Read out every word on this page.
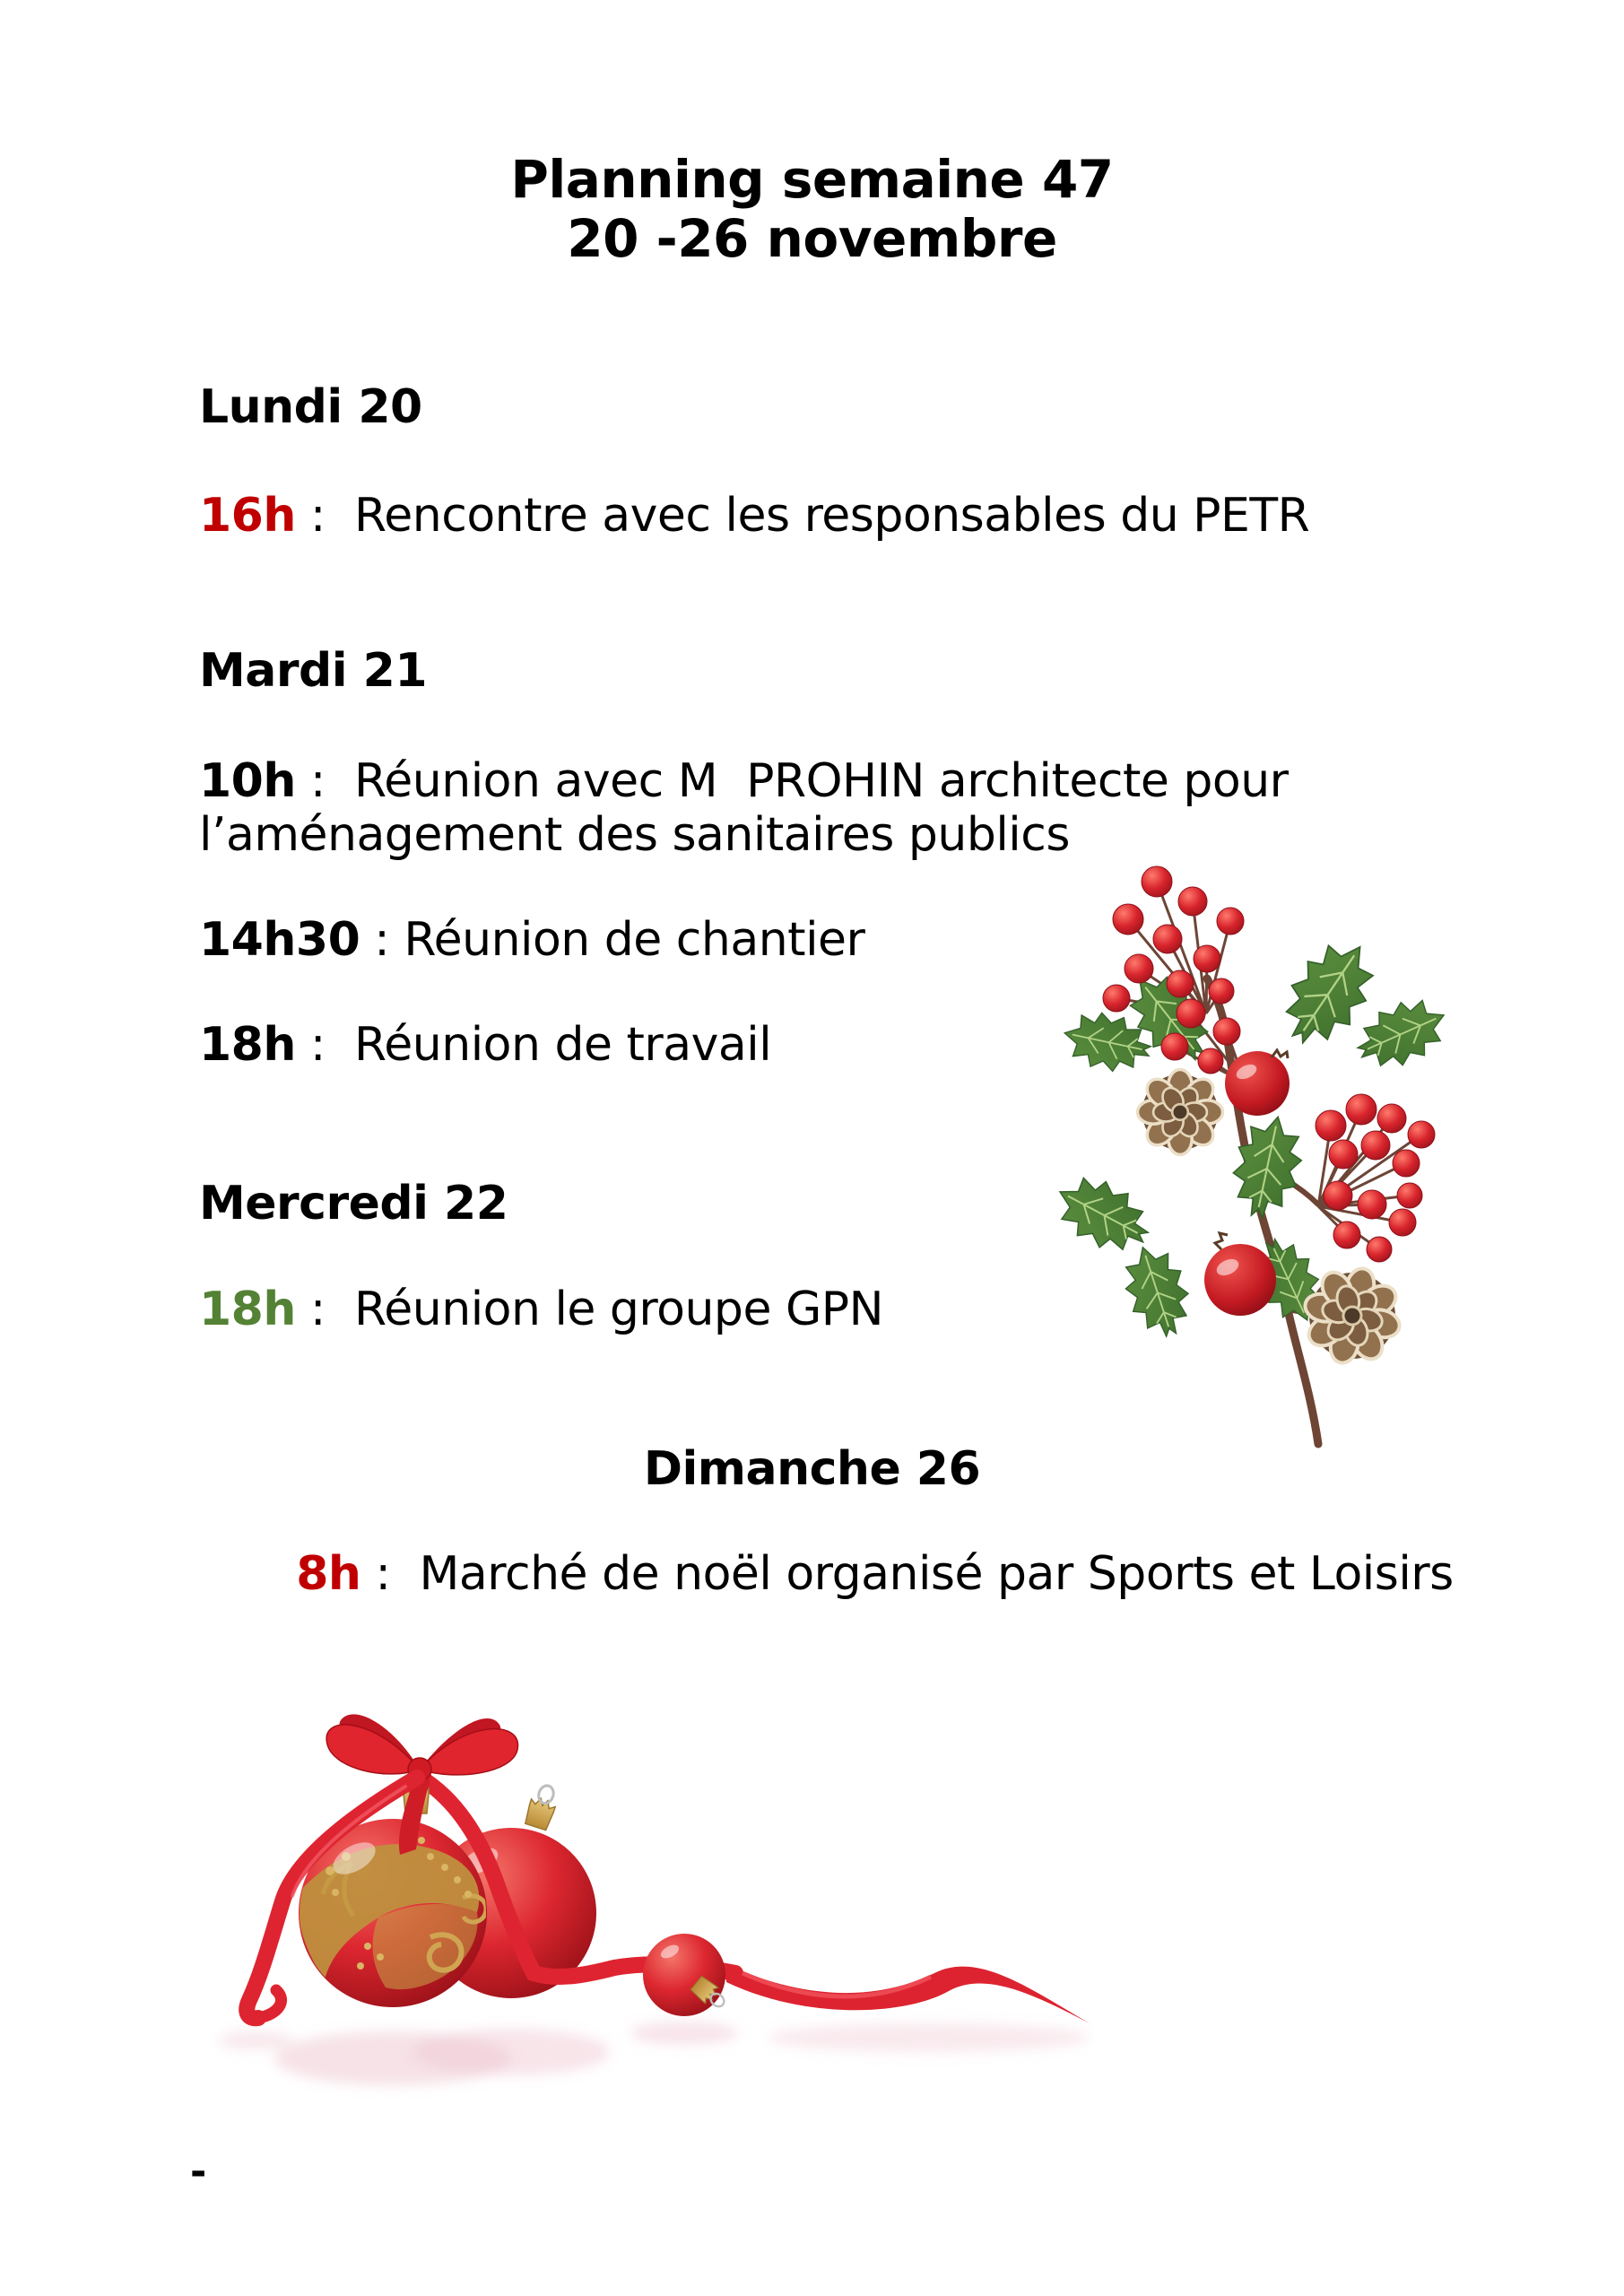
Planning semaine 47
20 -26 novembre
Lundi 20
16h :  Rencontre avec les responsables du PETR
Mardi 21
10h :  Réunion avec M  PROHIN architecte pour
l’aménagement des sanitaires publics
14h30 : Réunion de chantier
18h :  Réunion de travail
Mercredi 22
18h :  Réunion le groupe GPN
Dimanche 26
8h :  Marché de noël organisé par Sports et Loisirs
-
